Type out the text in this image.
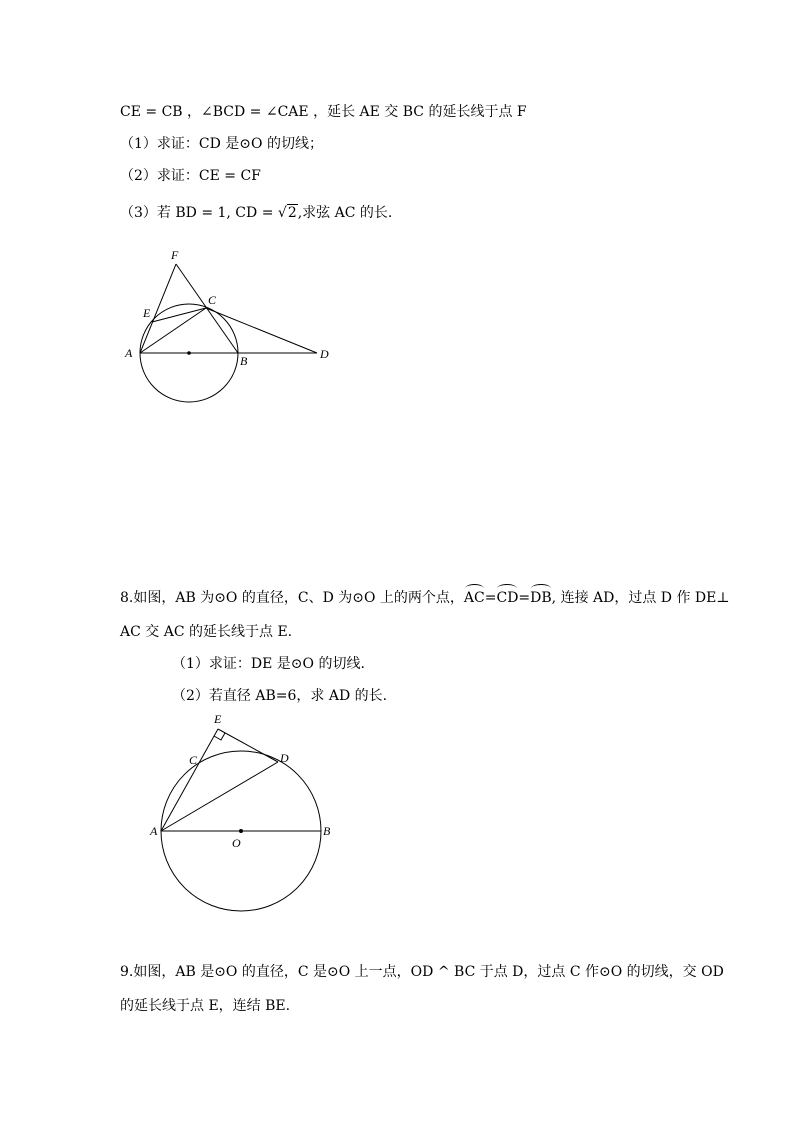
CE = CB ，∠BCD = ∠CAE ，延长 AE 交 BC 的延长线于点 F
（1）求证：CD 是⊙O 的切线；
（2）求证：CE = CF
（3）若 BD = 1, CD = √2,求弦 AC 的长.
F
E
C
A
B	D
8.如图，AB 为⊙O 的直径，C、D 为⊙O 上的两个点，AC=CD=DB, 连接 AD，过点 D 作 DE⊥
AC 交 AC 的延长线于点 E.
（1）求证：DE 是⊙O 的切线.
（2）若直径 AB=6，求 AD 的长.
E
C	D
A
O
B
9.如图，AB 是⊙O 的直径，C 是⊙O 上一点，OD ^ BC 于点 D，过点 C 作⊙O 的切线，交 OD
的延长线于点 E，连结 BE.
